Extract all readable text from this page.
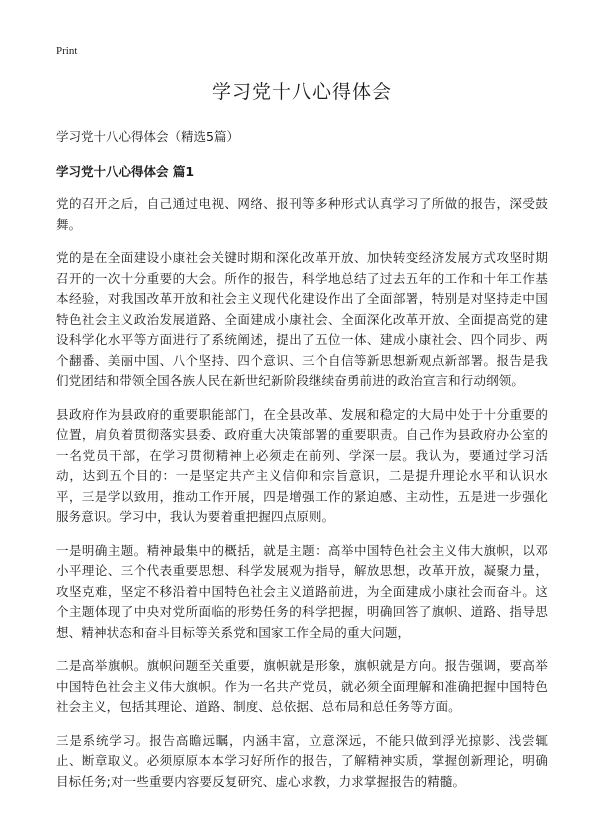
Print
学习党十八心得体会
学习党十八心得体会（精选5篇）
学习党十八心得体会 篇1

党的召开之后，自己通过电视、网络、报刊等多种形式认真学习了所做的报告，深受鼓舞。

党的是在全面建设小康社会关键时期和深化改革开放、加快转变经济发展方式攻坚时期召开的一次十分重要的大会。所作的报告，科学地总结了过去五年的工作和十年工作基本经验，对我国改革开放和社会主义现代化建设作出了全面部署，特别是对坚持走中国特色社会主义政治发展道路、全面建成小康社会、全面深化改革开放、全面提高党的建设科学化水平等方面进行了系统阐述，提出了五位一体、建成小康社会、四个同步、两个翻番、美丽中国、八个坚持、四个意识、三个自信等新思想新观点新部署。报告是我们党团结和带领全国各族人民在新世纪新阶段继续奋勇前进的政治宣言和行动纲领。

县政府作为县政府的重要职能部门，在全县改革、发展和稳定的大局中处于十分重要的位置，肩负着贯彻落实县委、政府重大决策部署的重要职责。自己作为县政府办公室的一名党员干部，在学习贯彻精神上必须走在前列、学深一层。我认为，要通过学习活动，达到五个目的：一是坚定共产主义信仰和宗旨意识，二是提升理论水平和认识水平，三是学以致用，推动工作开展，四是增强工作的紧迫感、主动性，五是进一步强化服务意识。学习中，我认为要着重把握四点原则。

一是明确主题。精神最集中的概括，就是主题：高举中国特色社会主义伟大旗帜，以邓小平理论、三个代表重要思想、科学发展观为指导，解放思想，改革开放，凝聚力量，攻坚克难，坚定不移沿着中国特色社会主义道路前进，为全面建成小康社会而奋斗。这个主题体现了中央对党所面临的形势任务的科学把握，明确回答了旗帜、道路、指导思想、精神状态和奋斗目标等关系党和国家工作全局的重大问题，

二是高举旗帜。旗帜问题至关重要，旗帜就是形象，旗帜就是方向。报告强调，要高举中国特色社会主义伟大旗帜。作为一名共产党员，就必须全面理解和准确把握中国特色社会主义，包括其理论、道路、制度、总依据、总布局和总任务等方面。

三是系统学习。报告高瞻远瞩，内涵丰富，立意深远，不能只做到浮光掠影、浅尝辄止、断章取义。必须原原本本学习好所作的报告，了解精神实质，掌握创新理论，明确目标任务;对一些重要内容要反复研究、虚心求教，力求掌握报告的精髓。
